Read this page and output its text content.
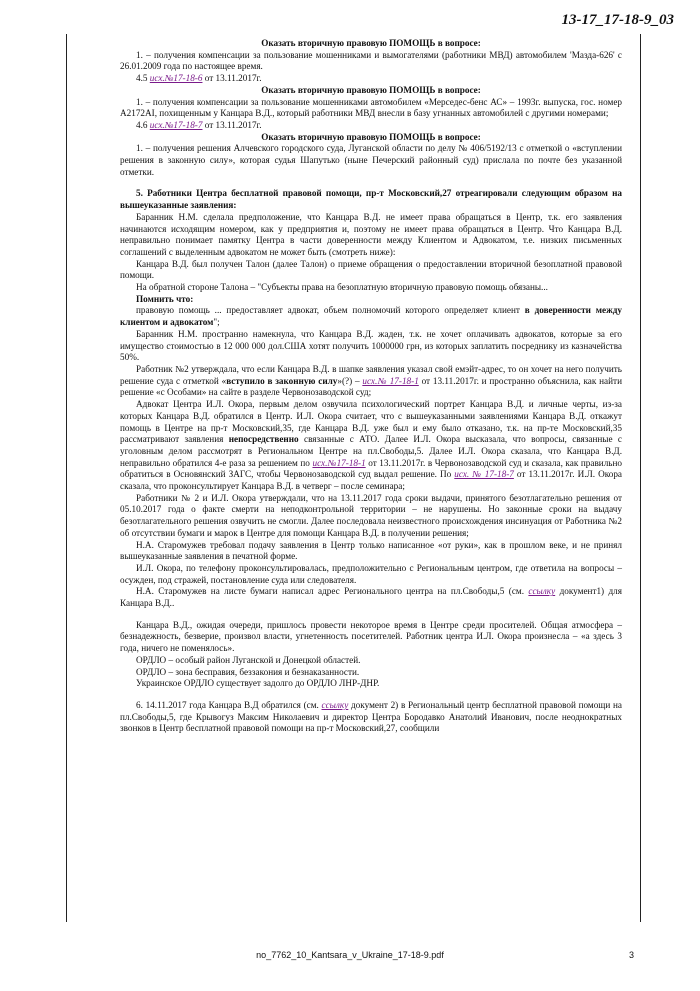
13-17_17-18-9_03

Оказать вторичную правовую ПОМОЩЬ в вопросе:

1. – получения компенсации за пользование мошенниками и вымогателями (работники МВД) автомобилем 'Мазда-626' с 26.01.2009 года по настоящее время.

4.5 исх.№17-18-6 от 13.11.2017г.

Оказать вторичную правовую ПОМОЩЬ в вопросе:

1. – получения компенсации за пользование мошенниками автомобилем «Мерседес-бенс АС» – 1993г. выпуска, гос. номер А2172АІ, похищенным у Канцара В.Д., который работники МВД внесли в базу угнанных автомобилей с другими номерами;

4.6 исх.№17-18-7 от 13.11.2017г.

Оказать вторичную правовую ПОМОЩЬ в вопросе:

1. – получения решения Алчевского городского суда, Луганской области по делу № 406/5192/13 с отметкой о «вступлении решения в законную силу», которая судья Шапутько (ныне Печерский районный суд) прислала по почте без указанной отметки.

5. Работники Центра бесплатной правовой помощи, пр-т Московский,27 отреагировали следующим образом на вышеуказанные заявления:

Баранник Н.М. сделала предположение, что Канцара В.Д. не имеет права обращаться в Центр, т.к. его заявления начинаются исходящим номером, как у предприятия и, поэтому не имеет права обращаться в Центр. Что Канцара В.Д. неправильно понимает памятку Центра в части доверенности между Клиентом и Адвокатом, т.е. низких письменных соглашений с выделенным адвокатом не может быть (смотреть ниже):

Канцара В.Д. был получен Талон (далее Талон) о приеме обращения о предоставлении вторичной безоплатной правовой помощи.

На обратной стороне Талона – "Субъекты права на безоплатную вторичную правовую помощь обязаны...

Помнить что:

правовую помощь ... предоставляет адвокат, объем полномочий которого определяет клиент в доверенности между клиентом и адвокатом";

Баранник Н.М. пространно намекнула, что Канцара В.Д. жаден, т.к. не хочет оплачивать адвокатов, которые за его имущество стоимостью в 12 000 000 дол.США хотят получить 1000000 грн, из которых заплатить посреднику из казначейства 50%.

Работник №2 утверждала, что если Канцара В.Д. в шапке заявления указал свой емэйт-адрес, то он хочет на него получить решение суда с отметкой «вступило в законную силу»(?) – исх.№ 17-18-1 от 13.11.2017г. и пространно объяснила, как найти решение «с Особами» на сайте в разделе Червонозаводской суд;

Адвокат Центра И.Л. Окора, первым делом озвучила психологический портрет Канцара В.Д. и личные черты, из-за которых Канцара В.Д. обратился в Центр. И.Л. Окора считает, что с вышеуказанными заявлениями Канцара В.Д. откажут помощь в Центре на пр-т Московский,35, где Канцара В.Д. уже был и ему было отказано, т.к. на пр-те Московский,35 рассматривают заявления непосредственно связанные с АТО. Далее И.Л. Окора высказала, что вопросы, связанные с уголовным делом рассмотрят в Региональном Центре на пл.Свободы,5. Далее И.Л. Окора сказала, что Канцара В.Д. неправильно обратился 4-е раза за решением по исх.№17-18-1 от 13.11.2017г. в Червонозаводской суд и сказала, как правильно обратиться в Основянский ЗАГС, чтобы Червонозаводской суд выдал решение. По исх. № 17-18-7 от 13.11.2017г. И.Л. Окора сказала, что проконсультирует Канцара В.Д. в четверг – после семинара;

Работники № 2 и И.Л. Окора утверждали, что на 13.11.2017 года сроки выдачи, принятого безотлагательно решения от 05.10.2017 года о факте смерти на неподконтрольной территории – не нарушены. Но законные сроки на выдачу безотлагательного решения озвучить не смогли. Далее последовала неизвестного происхождения инсинуация от Работника №2 об отсутствии бумаги и марок в Центре для помощи Канцара В.Д. в получении решения;

Н.А. Старомужев требовал подачу заявления в Центр только написанное «от руки», как в прошлом веке, и не принял вышеуказанные заявления в печатной форме.

И.Л. Окора, по телефону проконсультировалась, предположительно с Региональным центром, где ответила на вопросы – осужден, под стражей, постановление суда или следователя.

Н.А. Старомужев на листе бумаги написал адрес Регионального центра на пл.Свободы,5 (см. ссылку документ1) для Канцара В.Д..

Канцара В.Д., ожидая очереди, пришлось провести некоторое время в Центре среди просителей. Общая атмосфера – безнадежность, безверие, произвол власти, угнетенность посетителей. Работник центра И.Л. Окора произнесла – «а здесь 3 года, ничего не поменялось».

ОРДЛО – особый район Луганской и Донецкой областей.

ОРДЛО – зона бесправия, беззакония и безнаказанности.

Украинское ОРДЛО существует задолго до ОРДЛО ЛНР-ДНР.

6. 14.11.2017 года Канцара В.Д обратился (см. ссылку документ 2) в Региональный центр бесплатной правовой помощи на пл.Свободы,5, где Крывогуз Максим Николаевич и директор Центра Бородавко Анатолий Иванович, после неоднократных звонков в Центр бесплатной правовой помощи на пр-т Московский,27, сообщили

no_7762_10_Kantsara_v_Ukraine_17-18-9.pdf	3
